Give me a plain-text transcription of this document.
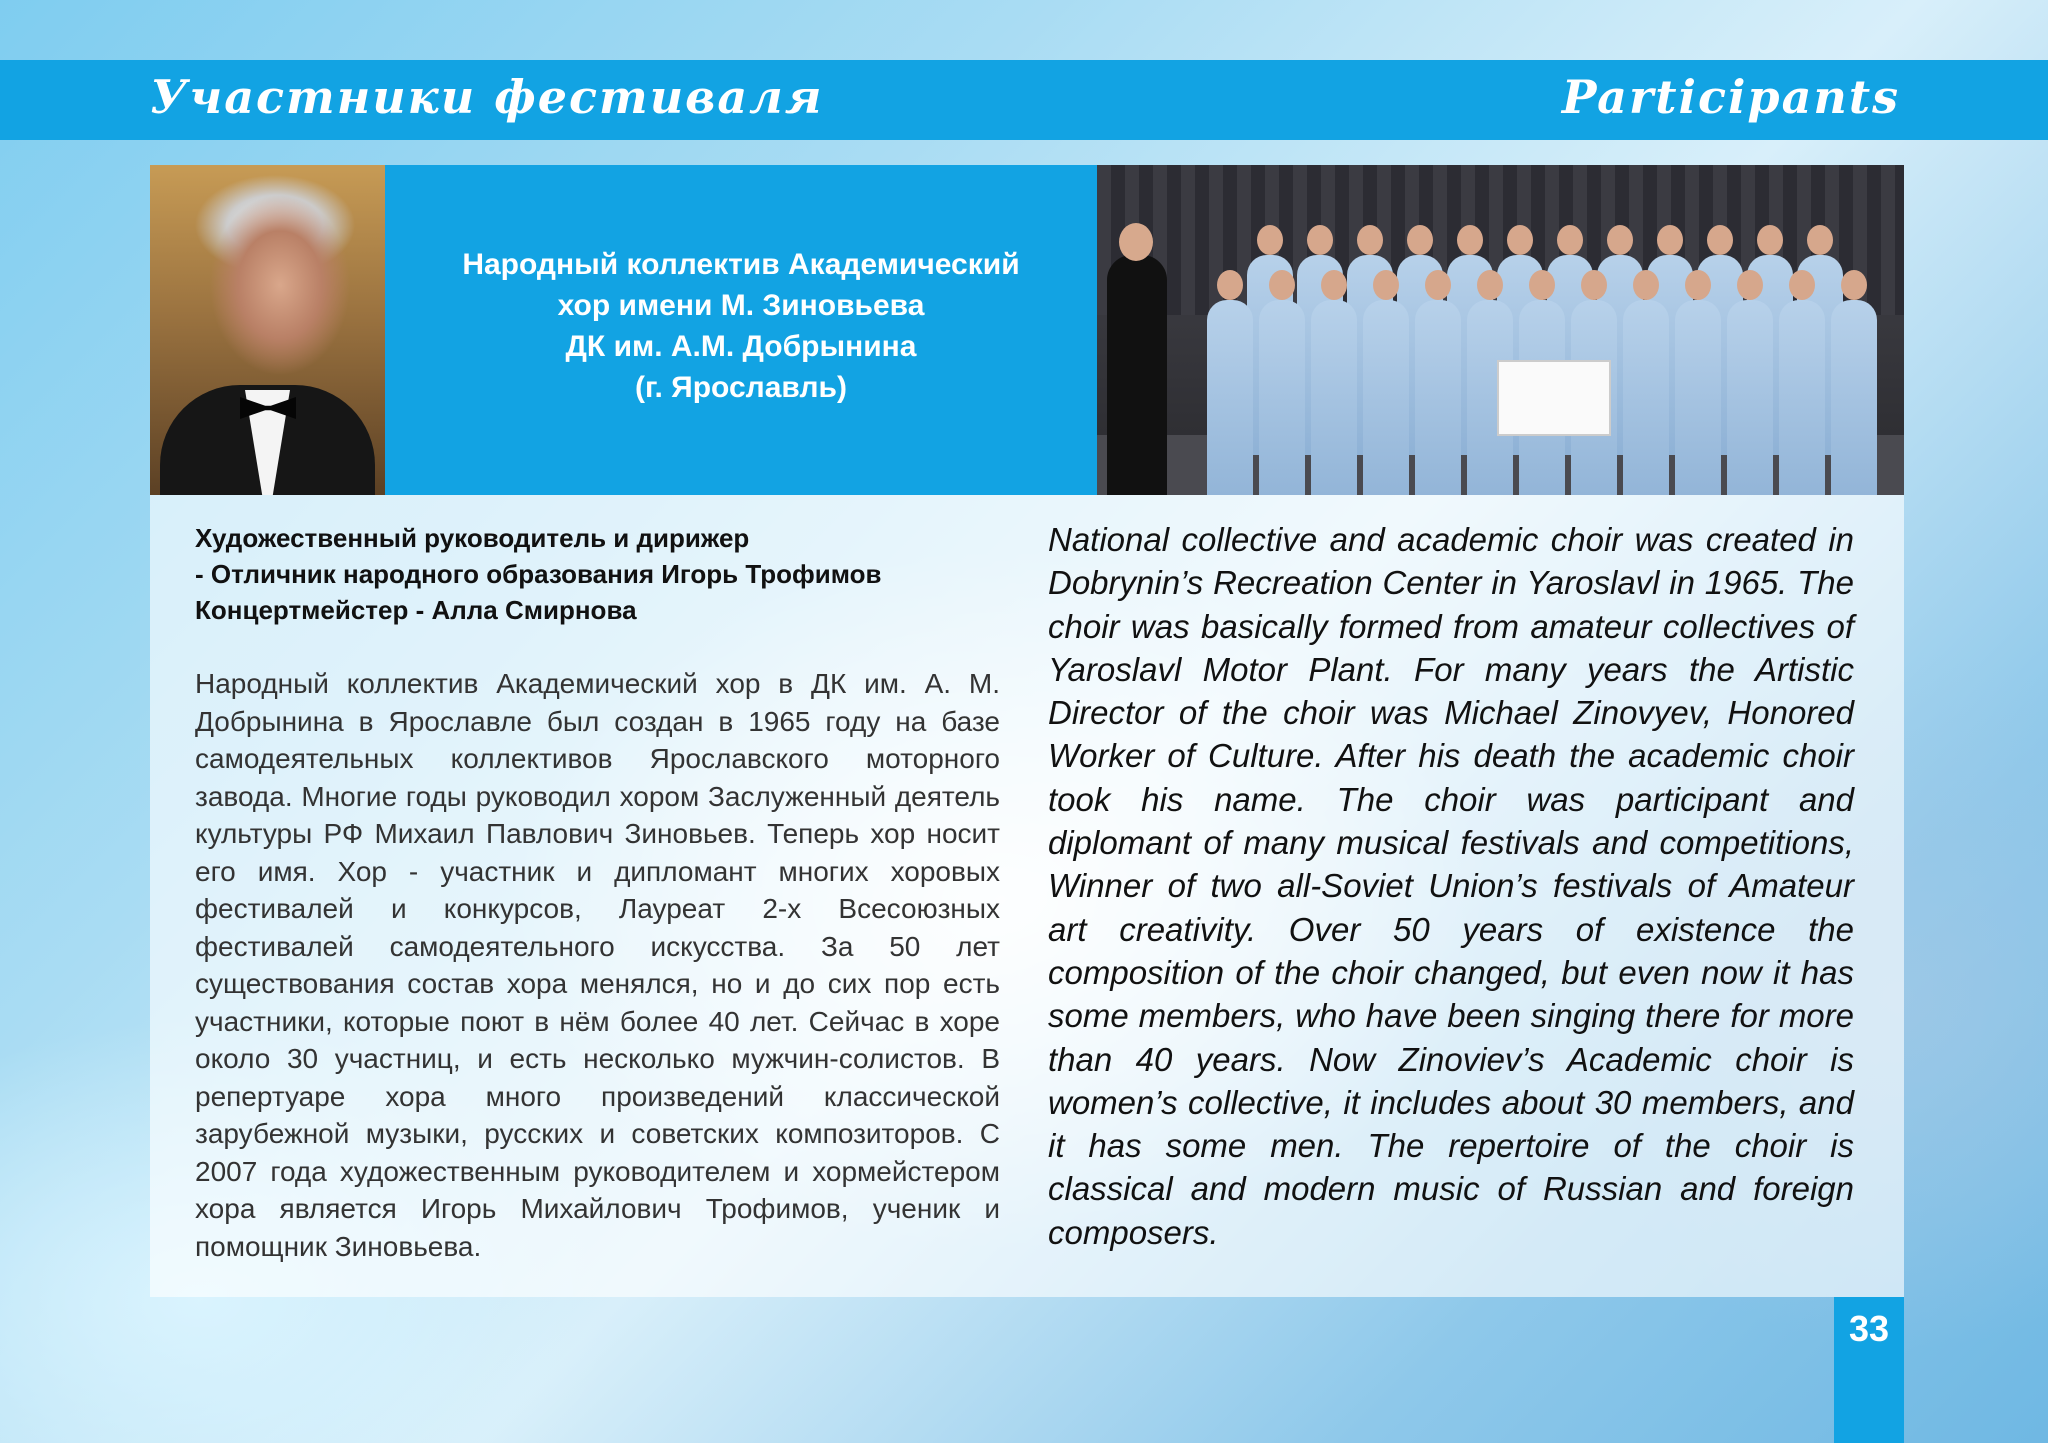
Участники фестиваля	Participants
Народный коллектив Академический
хор имени М. Зиновьева
ДК им. А.М. Добрынина
(г. Ярославль)
Художественный руководитель и дирижер
- Отличник народного образования Игорь Трофимов
Концертмейстер - Алла Смирнова
Народный коллектив Академический хор в ДК им. А. М. Добрынина в Ярославле был создан в 1965 году на базе самодеятельных коллективов Ярославского моторного завода. Многие годы руководил хором Заслуженный деятель культуры РФ Михаил Павлович Зиновьев. Теперь хор носит его имя. Хор - участник и дипломант многих хоровых фестивалей и конкурсов, Лауреат 2-х Всесоюзных фестивалей самодеятельного искусства. За 50 лет существования состав хора менялся, но и до сих пор есть участники, которые поют в нём более 40 лет. Сейчас в хоре около 30 участниц, и есть несколько мужчин-солистов. В репертуаре хора много произведений классической зарубежной музыки, русских и советских композиторов. С 2007 года художественным руководителем и хормейстером хора является Игорь Михайлович Трофимов, ученик и помощник Зиновьева.
National collective and academic choir was created in Dobrynin’s Recreation Center in Yaroslavl in 1965. The choir was basically formed from amateur collectives of Yaroslavl Motor Plant. For many years the Artistic Director of the choir was Michael Zinovyev, Honored Worker of Culture. After his death the academic choir took his name. The choir was participant and diplomant of many musical festivals and competitions, Winner of two all-Soviet Union’s festivals of Amateur art creativity. Over 50 years of existence the composition of the choir changed, but even now it has some members, who have been singing there for more than 40 years. Now Zinoviev’s Academic choir is women’s collective, it includes about 30 members, and it has some men. The repertoire of the choir is classical and modern music of Russian and foreign composers.
33
